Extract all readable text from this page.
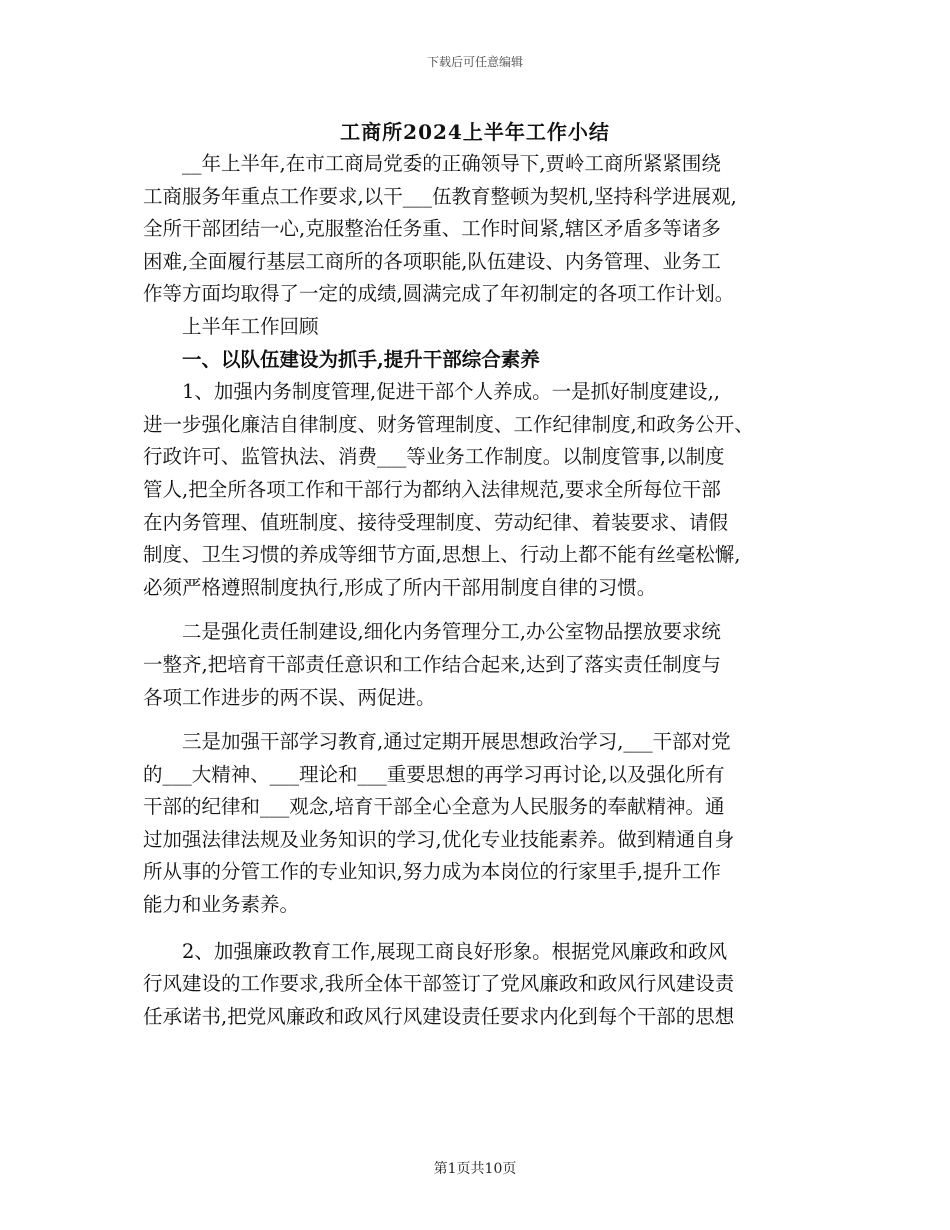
下载后可任意编辑
工商所2024上半年工作小结
　　__年上半年,在市工商局党委的正确领导下,贾岭工商所紧紧围绕
工商服务年重点工作要求,以干___伍教育整顿为契机,坚持科学进展观,
全所干部团结一心,克服整治任务重、工作时间紧,辖区矛盾多等诸多
困难,全面履行基层工商所的各项职能,队伍建设、内务管理、业务工
作等方面均取得了一定的成绩,圆满完成了年初制定的各项工作计划。
　　上半年工作回顾
　　一、以队伍建设为抓手,提升干部综合素养
　　1、加强内务制度管理,促进干部个人养成。一是抓好制度建设,,
进一步强化廉洁自律制度、财务管理制度、工作纪律制度,和政务公开、
行政许可、监管执法、消费___等业务工作制度。以制度管事,以制度
管人,把全所各项工作和干部行为都纳入法律规范,要求全所每位干部
在内务管理、值班制度、接待受理制度、劳动纪律、着装要求、请假
制度、卫生习惯的养成等细节方面,思想上、行动上都不能有丝毫松懈,
必须严格遵照制度执行,形成了所内干部用制度自律的习惯。
　　二是强化责任制建设,细化内务管理分工,办公室物品摆放要求统
一整齐,把培育干部责任意识和工作结合起来,达到了落实责任制度与
各项工作进步的两不误、两促进。
　　三是加强干部学习教育,通过定期开展思想政治学习,___干部对党
的___大精神、___理论和___重要思想的再学习再讨论,以及强化所有
干部的纪律和___观念,培育干部全心全意为人民服务的奉献精神。通
过加强法律法规及业务知识的学习,优化专业技能素养。做到精通自身
所从事的分管工作的专业知识,努力成为本岗位的行家里手,提升工作
能力和业务素养。
　　2、加强廉政教育工作,展现工商良好形象。根据党风廉政和政风
行风建设的工作要求,我所全体干部签订了党风廉政和政风行风建设责
任承诺书,把党风廉政和政风行风建设责任要求内化到每个干部的思想
第1页共10页
